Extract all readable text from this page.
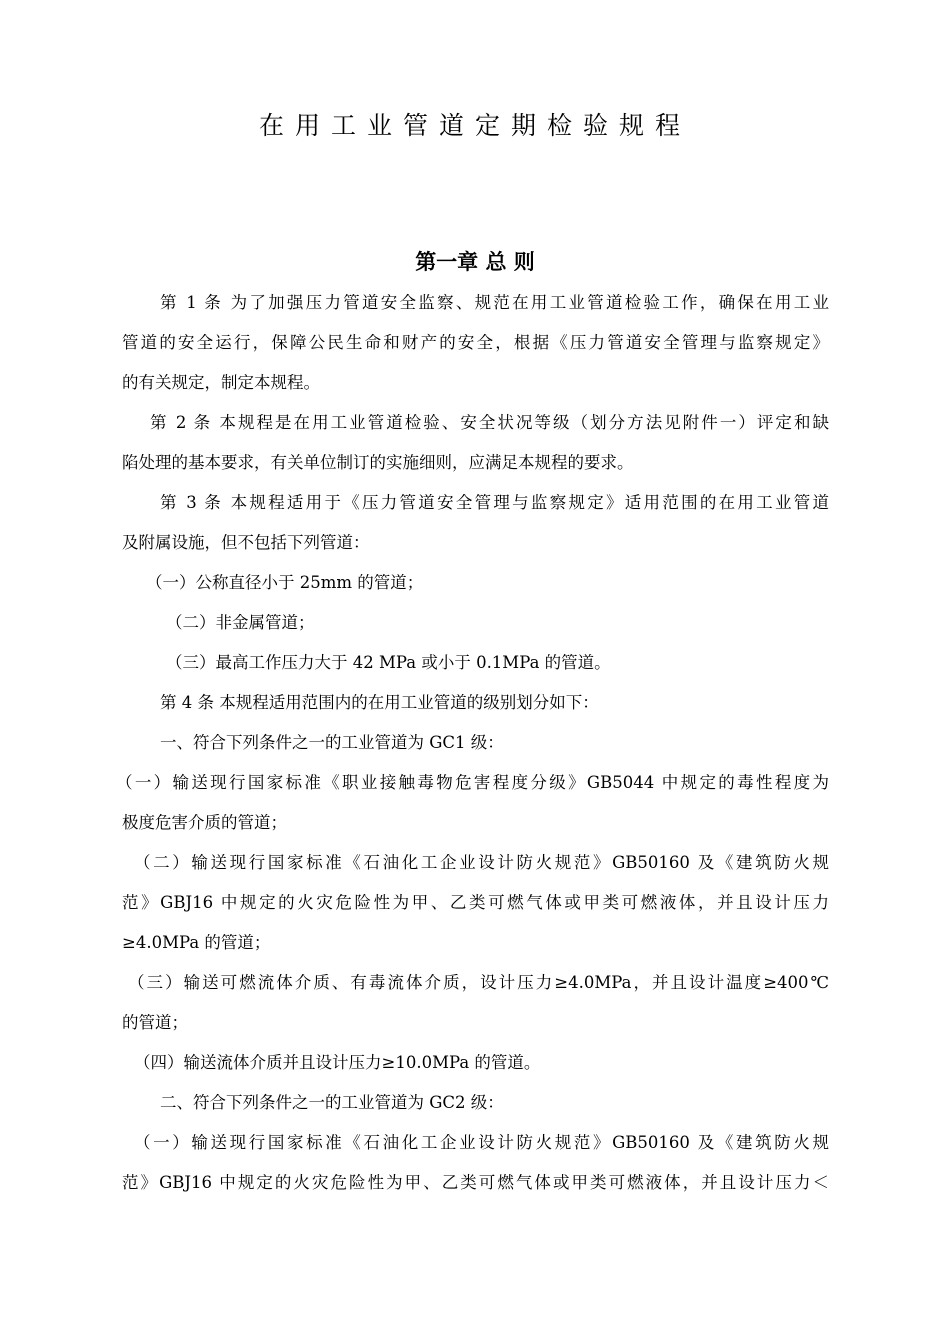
在用工业管道定期检验规程
第一章 总 则
第 1 条 为了加强压力管道安全监察、规范在用工业管道检验工作，确保在用工业
管道的安全运行，保障公民生命和财产的安全，根据《压力管道安全管理与监察规定》
的有关规定，制定本规程。
第 2 条 本规程是在用工业管道检验、安全状况等级（划分方法见附件一）评定和缺
陷处理的基本要求，有关单位制订的实施细则，应满足本规程的要求。
第 3 条 本规程适用于《压力管道安全管理与监察规定》适用范围的在用工业管道
及附属设施，但不包括下列管道：
（一）公称直径小于 25mm 的管道；
（二）非金属管道；
（三）最高工作压力大于 42 MPa 或小于 0.1MPa 的管道。
第 4 条 本规程适用范围内的在用工业管道的级别划分如下：
一、符合下列条件之一的工业管道为 GC1 级：
（一）输送现行国家标准《职业接触毒物危害程度分级》GB5044 中规定的毒性程度为
极度危害介质的管道；
（二）输送现行国家标准《石油化工企业设计防火规范》GB50160 及《建筑防火规
范》GBJ16 中规定的火灾危险性为甲、乙类可燃气体或甲类可燃液体，并且设计压力
≥4.0MPa 的管道；
（三）输送可燃流体介质、有毒流体介质，设计压力≥4.0MPa，并且设计温度≥400℃
的管道；
（四）输送流体介质并且设计压力≥10.0MPa 的管道。
二、符合下列条件之一的工业管道为 GC2 级：
（一）输送现行国家标准《石油化工企业设计防火规范》GB50160 及《建筑防火规
范》GBJ16 中规定的火灾危险性为甲、乙类可燃气体或甲类可燃液体，并且设计压力＜
